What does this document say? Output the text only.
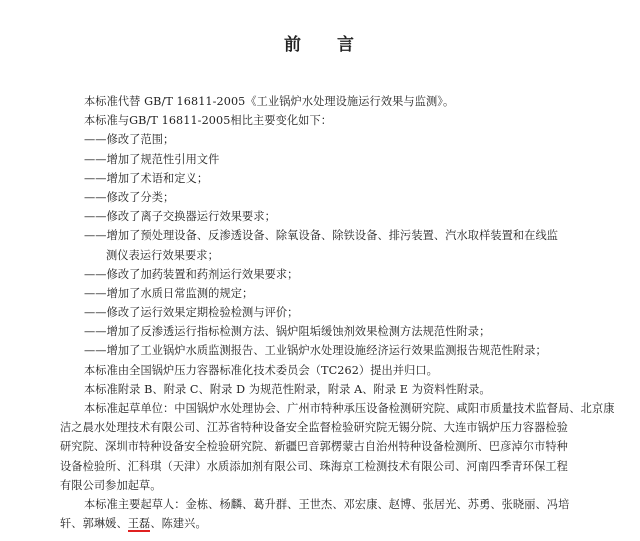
前 言
本标准代替 GB/T 16811-2005《工业锅炉水处理设施运行效果与监测》。
本标准与GB/T 16811-2005相比主要变化如下：
——修改了范围；
——增加了规范性引用文件
——增加了术语和定义；
——修改了分类；
——修改了离子交换器运行效果要求；
——增加了预处理设备、反渗透设备、除氧设备、除铁设备、排污装置、汽水取样装置和在线监
测仪表运行效果要求；
——修改了加药装置和药剂运行效果要求；
——增加了水质日常监测的规定；
——修改了运行效果定期检验检测与评价；
——增加了反渗透运行指标检测方法、锅炉阻垢缓蚀剂效果检测方法规范性附录；
——增加了工业锅炉水质监测报告、工业锅炉水处理设施经济运行效果监测报告规范性附录；
本标准由全国锅炉压力容器标准化技术委员会（TC262）提出并归口。
本标准附录 B、附录 C、附录 D 为规范性附录，附录 A、附录 E 为资料性附录。
本标准起草单位：中国锅炉水处理协会、广州市特种承压设备检测研究院、咸阳市质量技术监督局、北京康
洁之晨水处理技术有限公司、江苏省特种设备安全监督检验研究院无锡分院、大连市锅炉压力容器检验
研究院、深圳市特种设备安全检验研究院、新疆巴音郭楞蒙古自治州特种设备检测所、巴彦淖尔市特种
设备检验所、汇科琪（天津）水质添加剂有限公司、珠海京工检测技术有限公司、河南四季青环保工程
有限公司参加起草。
本标准主要起草人：金栋、杨麟、葛升群、王世杰、邓宏康、赵博、张居光、苏勇、张晓丽、冯培
轩、郭琳媛、王磊、陈建兴。
